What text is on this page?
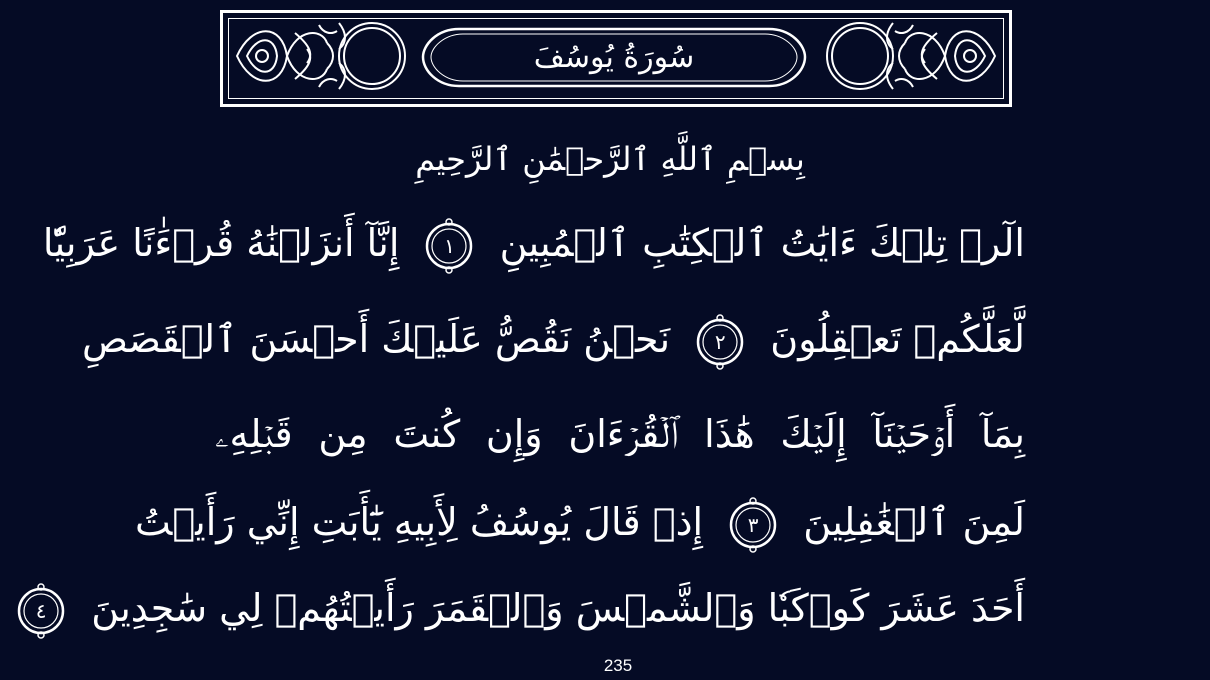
سُورَةُ يُوسُفَ
بِسۡمِ ٱللَّهِ ٱلرَّحۡمَٰنِ ٱلرَّحِيمِ
الٓرۚ تِلۡكَ ءَايَٰتُ ٱلۡكِتَٰبِ ٱلۡمُبِينِ
١
إِنَّآ أَنزَلۡنَٰهُ قُرۡءَٰنًا عَرَبِيّٗا
لَّعَلَّكُمۡ تَعۡقِلُونَ
٢
نَحۡنُ نَقُصُّ عَلَيۡكَ أَحۡسَنَ ٱلۡقَصَصِ
بِمَآ أَوۡحَيۡنَآ إِلَيۡكَ هَٰذَا ٱلۡقُرۡءَانَ وَإِن كُنتَ مِن قَبۡلِهِۦ
لَمِنَ ٱلۡغَٰفِلِينَ
٣
إِذۡ قَالَ يُوسُفُ لِأَبِيهِ يَٰٓأَبَتِ إِنِّي رَأَيۡتُ
أَحَدَ عَشَرَ كَوۡكَبٗا وَٱلشَّمۡسَ وَٱلۡقَمَرَ رَأَيۡتُهُمۡ لِي سَٰجِدِينَ
٤
235
